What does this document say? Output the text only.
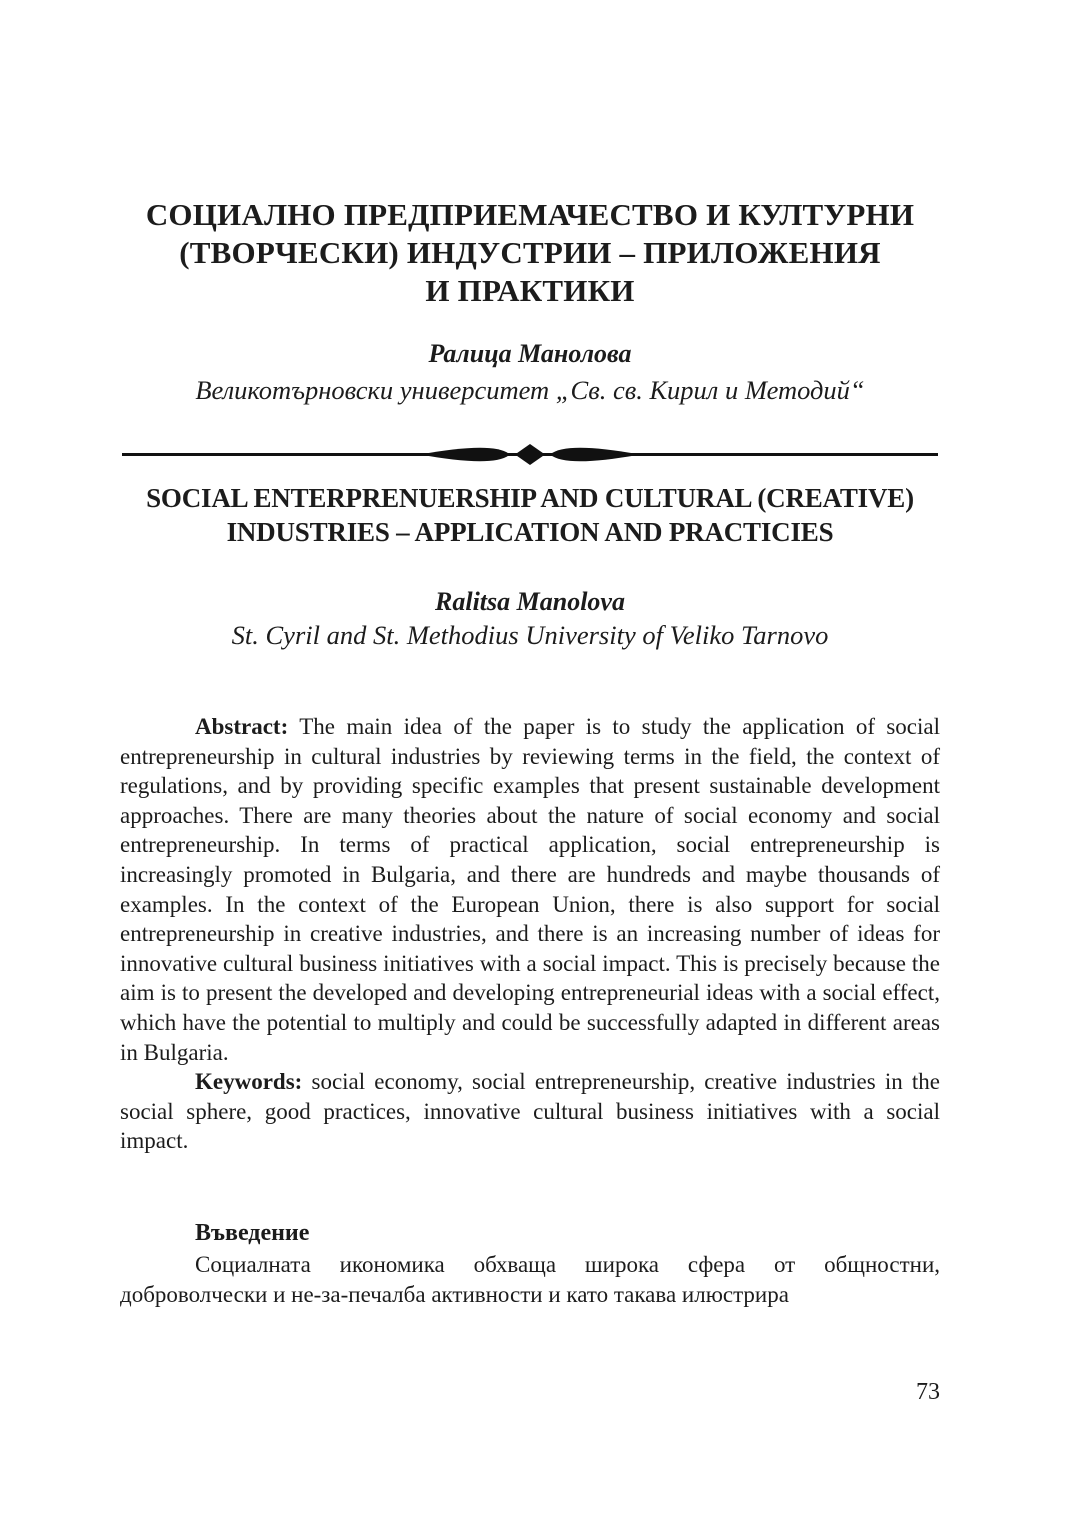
СОЦИАЛНО ПРЕДПРИЕМАЧЕСТВО И КУЛТУРНИ
(ТВОРЧЕСКИ) ИНДУСТРИИ – ПРИЛОЖЕНИЯ
И ПРАКТИКИ
Ралица Манолова
Великотърновски университет „Св. св. Кирил и Методий“
SOCIAL ENTERPRENUERSHIP AND CULTURAL (CREATIVE)
INDUSTRIES – APPLICATION AND PRACTICIES
Ralitsa Manolova
St. Cyril and St. Methodius University of Veliko Tarnovo

Abstract: The main idea of the paper is to study the application of social entrepreneurship in cultural industries by reviewing terms in the field, the context of regulations, and by providing specific examples that present sustainable development approaches. There are many theories about the nature of social economy and social entrepreneurship. In terms of practical application, social entrepreneurship is increasingly promoted in Bulgaria, and there are hundreds and maybe thousands of examples. In the context of the European Union, there is also support for social entrepreneurship in creative industries, and there is an increasing number of ideas for innovative cultural business initiatives with a social impact. This is precisely because the aim is to present the developed and developing entrepreneurial ideas with a social effect, which have the potential to multiply and could be successfully adapted in different areas in Bulgaria.

Keywords: social economy, social entrepreneurship, creative industries in the social sphere, good practices, innovative cultural business initiatives with a social impact.

Въведение

Социалната икономика обхваща широка сфера от общностни, доброволчески и не-за-печалба активности и като такава илюстрира

73
